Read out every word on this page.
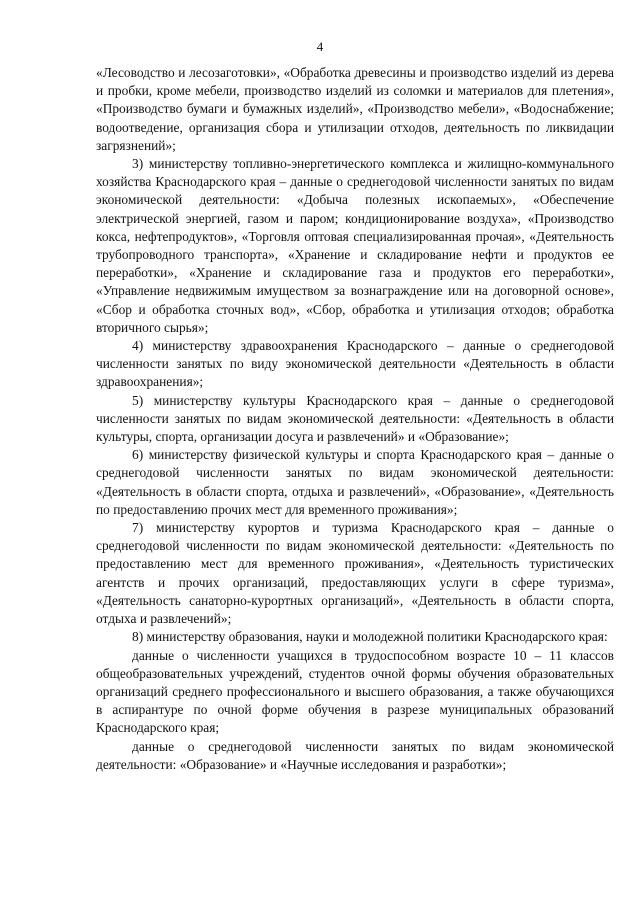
4

«Лесоводство и лесозаготовки», «Обработка древесины и производство изделий из дерева и пробки, кроме мебели, производство изделий из соломки и материалов для плетения», «Производство бумаги и бумажных изделий», «Производство мебели», «Водоснабжение; водоотведение, организация сбора и утилизации отходов, деятельность по ликвидации загрязнений»;

3) министерству топливно-энергетического комплекса и жилищно-коммунального хозяйства Краснодарского края – данные о среднегодовой численности занятых по видам экономической деятельности: «Добыча полезных ископаемых», «Обеспечение электрической энергией, газом и паром; кондиционирование воздуха», «Производство кокса, нефтепродуктов», «Торговля оптовая специализированная прочая», «Деятельность трубопроводного транспорта», «Хранение и складирование нефти и продуктов ее переработки», «Хранение и складирование газа и продуктов его переработки», «Управление недвижимым имуществом за вознаграждение или на договорной основе», «Сбор и обработка сточных вод», «Сбор, обработка и утилизация отходов; обработка вторичного сырья»;

4) министерству здравоохранения Краснодарского – данные о среднегодовой численности занятых по виду экономической деятельности «Деятельность в области здравоохранения»;

5) министерству культуры Краснодарского края – данные о среднегодовой численности занятых по видам экономической деятельности: «Деятельность в области культуры, спорта, организации досуга и развлечений» и «Образование»;

6) министерству физической культуры и спорта Краснодарского края – данные о среднегодовой численности занятых по видам экономической деятельности: «Деятельность в области спорта, отдыха и развлечений», «Образование», «Деятельность по предоставлению прочих мест для временного проживания»;

7) министерству курортов и туризма Краснодарского края – данные о среднегодовой численности по видам экономической деятельности: «Деятельность по предоставлению мест для временного проживания», «Деятельность туристических агентств и прочих организаций, предоставляющих услуги в сфере туризма», «Деятельность санаторно-курортных организаций», «Деятельность в области спорта, отдыха и развлечений»;

8) министерству образования, науки и молодежной политики Краснодарского края:

данные о численности учащихся в трудоспособном возрасте 10 – 11 классов общеобразовательных учреждений, студентов очной формы обучения образовательных организаций среднего профессионального и высшего образования, а также обучающихся в аспирантуре по очной форме обучения в разрезе муниципальных образований Краснодарского края;

данные о среднегодовой численности занятых по видам экономической деятельности: «Образование» и «Научные исследования и разработки»;
